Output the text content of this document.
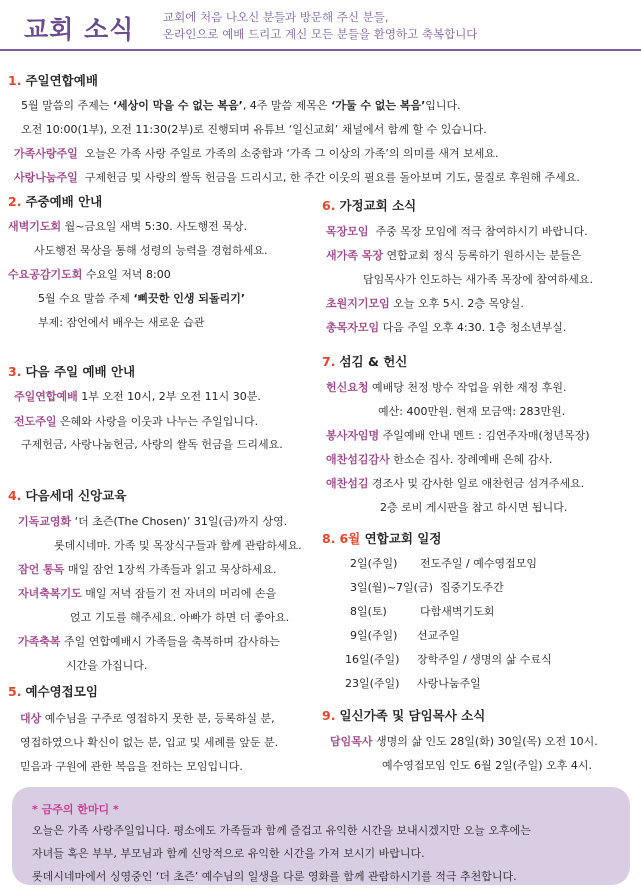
교회 소식 교회에 처음 나오신 분들과 방문해 주신 분들,
온라인으로 예배 드리고 계신 모든 분들을 환영하고 축복합니다
1. 주일연합예배
5월 말씀의 주제는 ‘세상이 막을 수 없는 복음’, 4주 말씀 제목은 ‘가둘 수 없는 복음’입니다.
오전 10:00(1부), 오전 11:30(2부)로 진행되며 유튜브 ‘일신교회’ 채널에서 함께 할 수 있습니다.
가족사랑주일 오늘은 가족 사랑 주일로 가족의 소중함과 ‘가족 그 이상의 가족’의 의미를 새겨 보세요.
사랑나눔주일 구제헌금 및 사랑의 쌀독 헌금을 드리시고, 한 주간 이웃의 필요를 돌아보며 기도, 물질로 후원해 주세요.
2. 주중예배 안내
새벽기도회 월~금요일 새벽 5:30. 사도행전 묵상.
사도행전 묵상을 통해 성령의 능력을 경험하세요.
수요공감기도회 수요일 저녁 8:00
5월 수요 말씀 주제 ‘삐끗한 인생 되돌리기’
부제: 잠언에서 배우는 새로운 습관
3. 다음 주일 예배 안내
주일연합예배 1부 오전 10시, 2부 오전 11시 30분.
전도주일 은혜와 사랑을 이웃과 나누는 주일입니다.
구제헌금, 사랑나눔헌금, 사랑의 쌀독 헌금을 드리세요.
4. 다음세대 신앙교육
기독교영화 ‘더 초즌(The Chosen)’ 31일(금)까지 상영.
롯데시네마. 가족 및 목장식구들과 함께 관람하세요.
잠언 통독 매일 잠언 1장씩 가족들과 읽고 묵상하세요.
자녀축복기도 매일 저녁 잠들기 전 자녀의 머리에 손을
얹고 기도를 해주세요. 아빠가 하면 더 좋아요.
가족축복 주일 연합예배시 가족들을 축복하며 감사하는
시간을 가집니다.
5. 예수영접모임
대상 예수님을 구주로 영접하지 못한 분, 등록하실 분,
영접하였으나 확신이 없는 분, 입교 및 세례를 앞둔 분.
믿음과 구원에 관한 복음을 전하는 모임입니다.
6. 가정교회 소식
목장모임 주중 목장 모임에 적극 참여하시기 바랍니다.
새가족 목장 연합교회 정식 등록하기 원하시는 분들은
담임목사가 인도하는 새가족 목장에 참여하세요.
초원지기모임 오늘 오후 5시. 2층 목양실.
총목자모임 다음 주일 오후 4:30. 1층 청소년부실.
7. 섬김 & 헌신
헌신요청 예배당 천정 방수 작업을 위한 재정 후원.
예산: 400만원. 현재 모금액: 283만원.
봉사자임명 주일예배 안내 멘트 : 김연주자매(청년목장)
애찬섬김감사 한소순 집사. 장례예배 은혜 감사.
애찬섬김 경조사 및 감사한 일로 애찬헌금 섬겨주세요.
2층 로비 게시판을 참고 하시면 됩니다.
8. 6월 연합교회 일정
2일(주일) 전도주일 / 예수영접모임
3일(월)~7일(금) 집중기도주간
8일(토)	다함새벽기도회
9일(주일) 선교주일
16일(주일) 장학주일 / 생명의 삶 수료식
23일(주일) 사랑나눔주일
9. 일신가족 및 담임목사 소식
담임목사 생명의 삶 인도 28일(화) 30일(목) 오전 10시.
예수영접모임 인도 6월 2일(주일) 오후 4시.
* 금주의 한마디 *
오늘은 가족 사랑주일입니다. 평소에도 가족들과 함께 즐겁고 유익한 시간을 보내시겠지만 오늘 오후에는
자녀들 혹은 부부, 부모님과 함께 신앙적으로 유익한 시간을 가져 보시기 바랍니다.
롯데시네마에서 싱영중인 ‘더 초즌’ 예수님의 일생을 다룬 영화를 함께 관람하시기를 적극 추천합니다.
